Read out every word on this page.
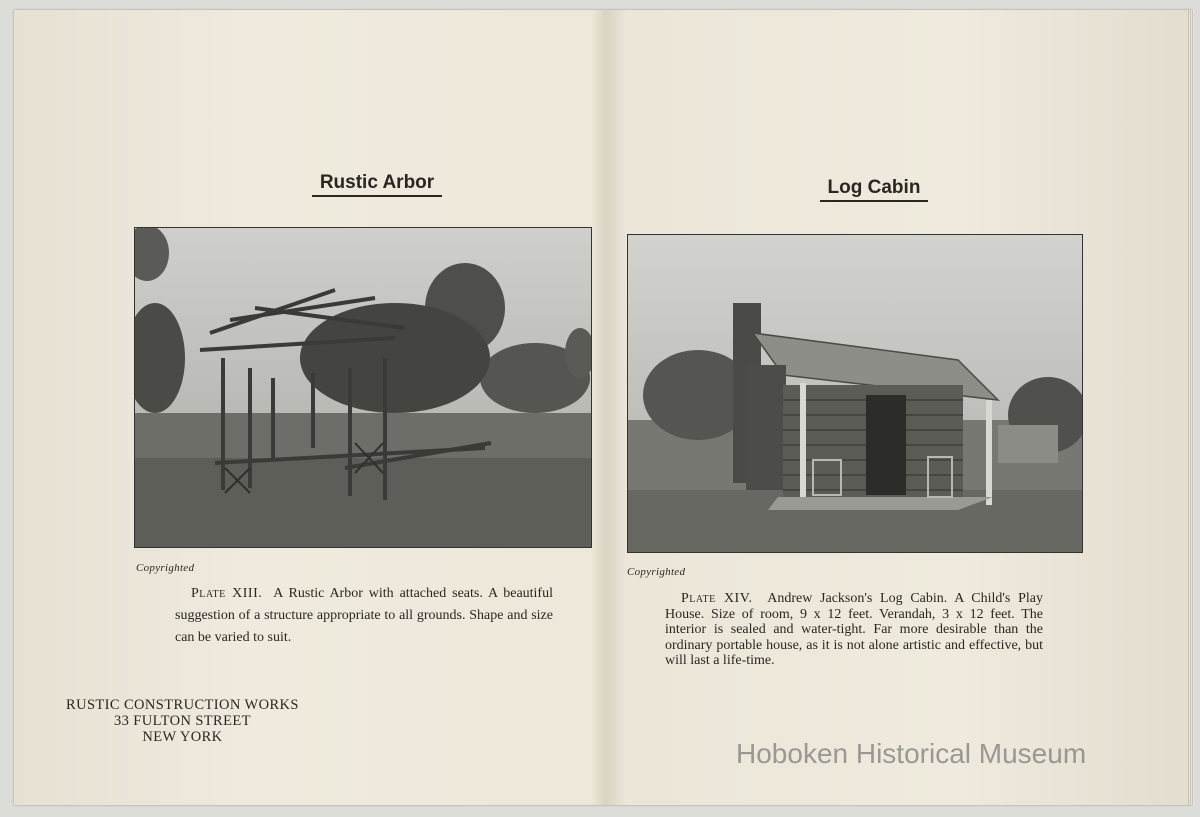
Rustic Arbor
Copyrighted
Plate XIII. A Rustic Arbor with attached seats. A beautiful suggestion of a structure appropriate to all grounds. Shape and size can be varied to suit.
RUSTIC CONSTRUCTION WORKS
33 FULTON STREET
NEW YORK
Log Cabin
Copyrighted
Plate XIV. Andrew Jackson's Log Cabin. A Child's Play House. Size of room, 9 x 12 feet. Verandah, 3 x 12 feet. The interior is sealed and water-tight. Far more desirable than the ordinary portable house, as it is not alone artistic and effective, but will last a life-time.
Hoboken Historical Museum
